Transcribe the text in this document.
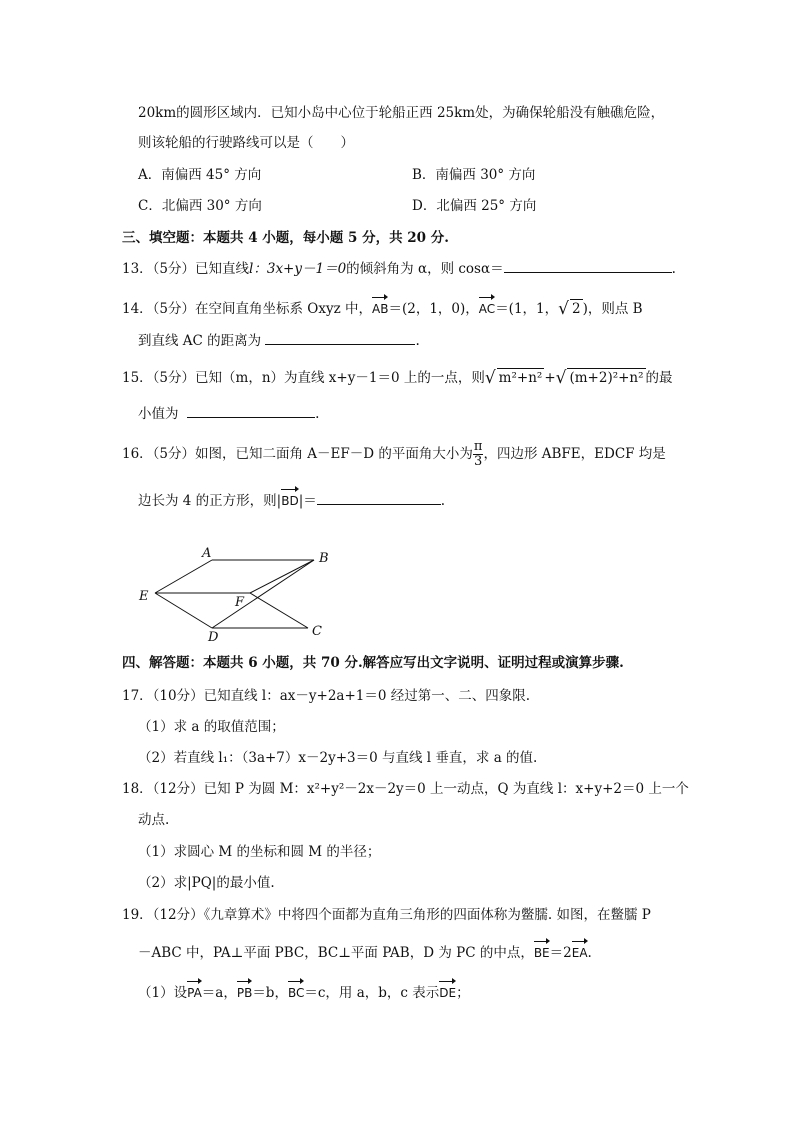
20km的圆形区域内．已知小岛中心位于轮船正西 25km处，为确保轮船没有触礁危险，
则该轮船的行驶路线可以是（　　）
A．南偏西 45° 方向	B．南偏西 30° 方向
C．北偏西 30° 方向	D．北偏西 25° 方向
三、填空题：本题共 4 小题，每小题 5 分，共 20 分.
13．（5分）已知直线l：3x+y－1＝0的倾斜角为 α，则 cosα＝	.
14．（5分）在空间直角坐标系 Oxyz 中，AB＝(2，1，0)，AC＝(1，1，√ 2 )，则点 B
到直线 AC 的距离为	.
15．（5分）已知（m，n）为直线 x+y－1＝0 上的一点，则√ m²+n² +√ (m+2)²+n² 的最
小值为	.
16．（5分）如图，已知二面角 A－EF－D 的平面角大小为 $\frac{\pi}{3}$ ，四边形 ABFE，EDCF 均是
边长为 4 的正方形，则|BD|＝	.
A	B
C
D
E	F
四、解答题：本题共 6 小题，共 70 分.解答应写出文字说明、证明过程或演算步骤.
17．（10分）已知直线 l：ax－y+2a+1＝0 经过第一、二、四象限.
（1）求 a 的取值范围；
（2）若直线 l₁：（3a+7）x－2y+3＝0 与直线 l 垂直，求 a 的值.
18．（12分）已知 P 为圆 M：x²+y²－2x－2y＝0 上一动点，Q 为直线 l：x+y+2＝0 上一个
动点.
（1）求圆心 M 的坐标和圆 M 的半径；
（2）求|PQ|的最小值.
19．（12分）《九章算术》中将四个面都为直角三角形的四面体称为鳖臑. 如图，在鳖臑 P
－ABC 中，PA⊥平面 PBC，BC⊥平面 PAB，D 为 PC 的中点，BE＝2EA.
（1）设PA＝a，PB＝b，BC＝c，用 a，b，c 表示DE；
